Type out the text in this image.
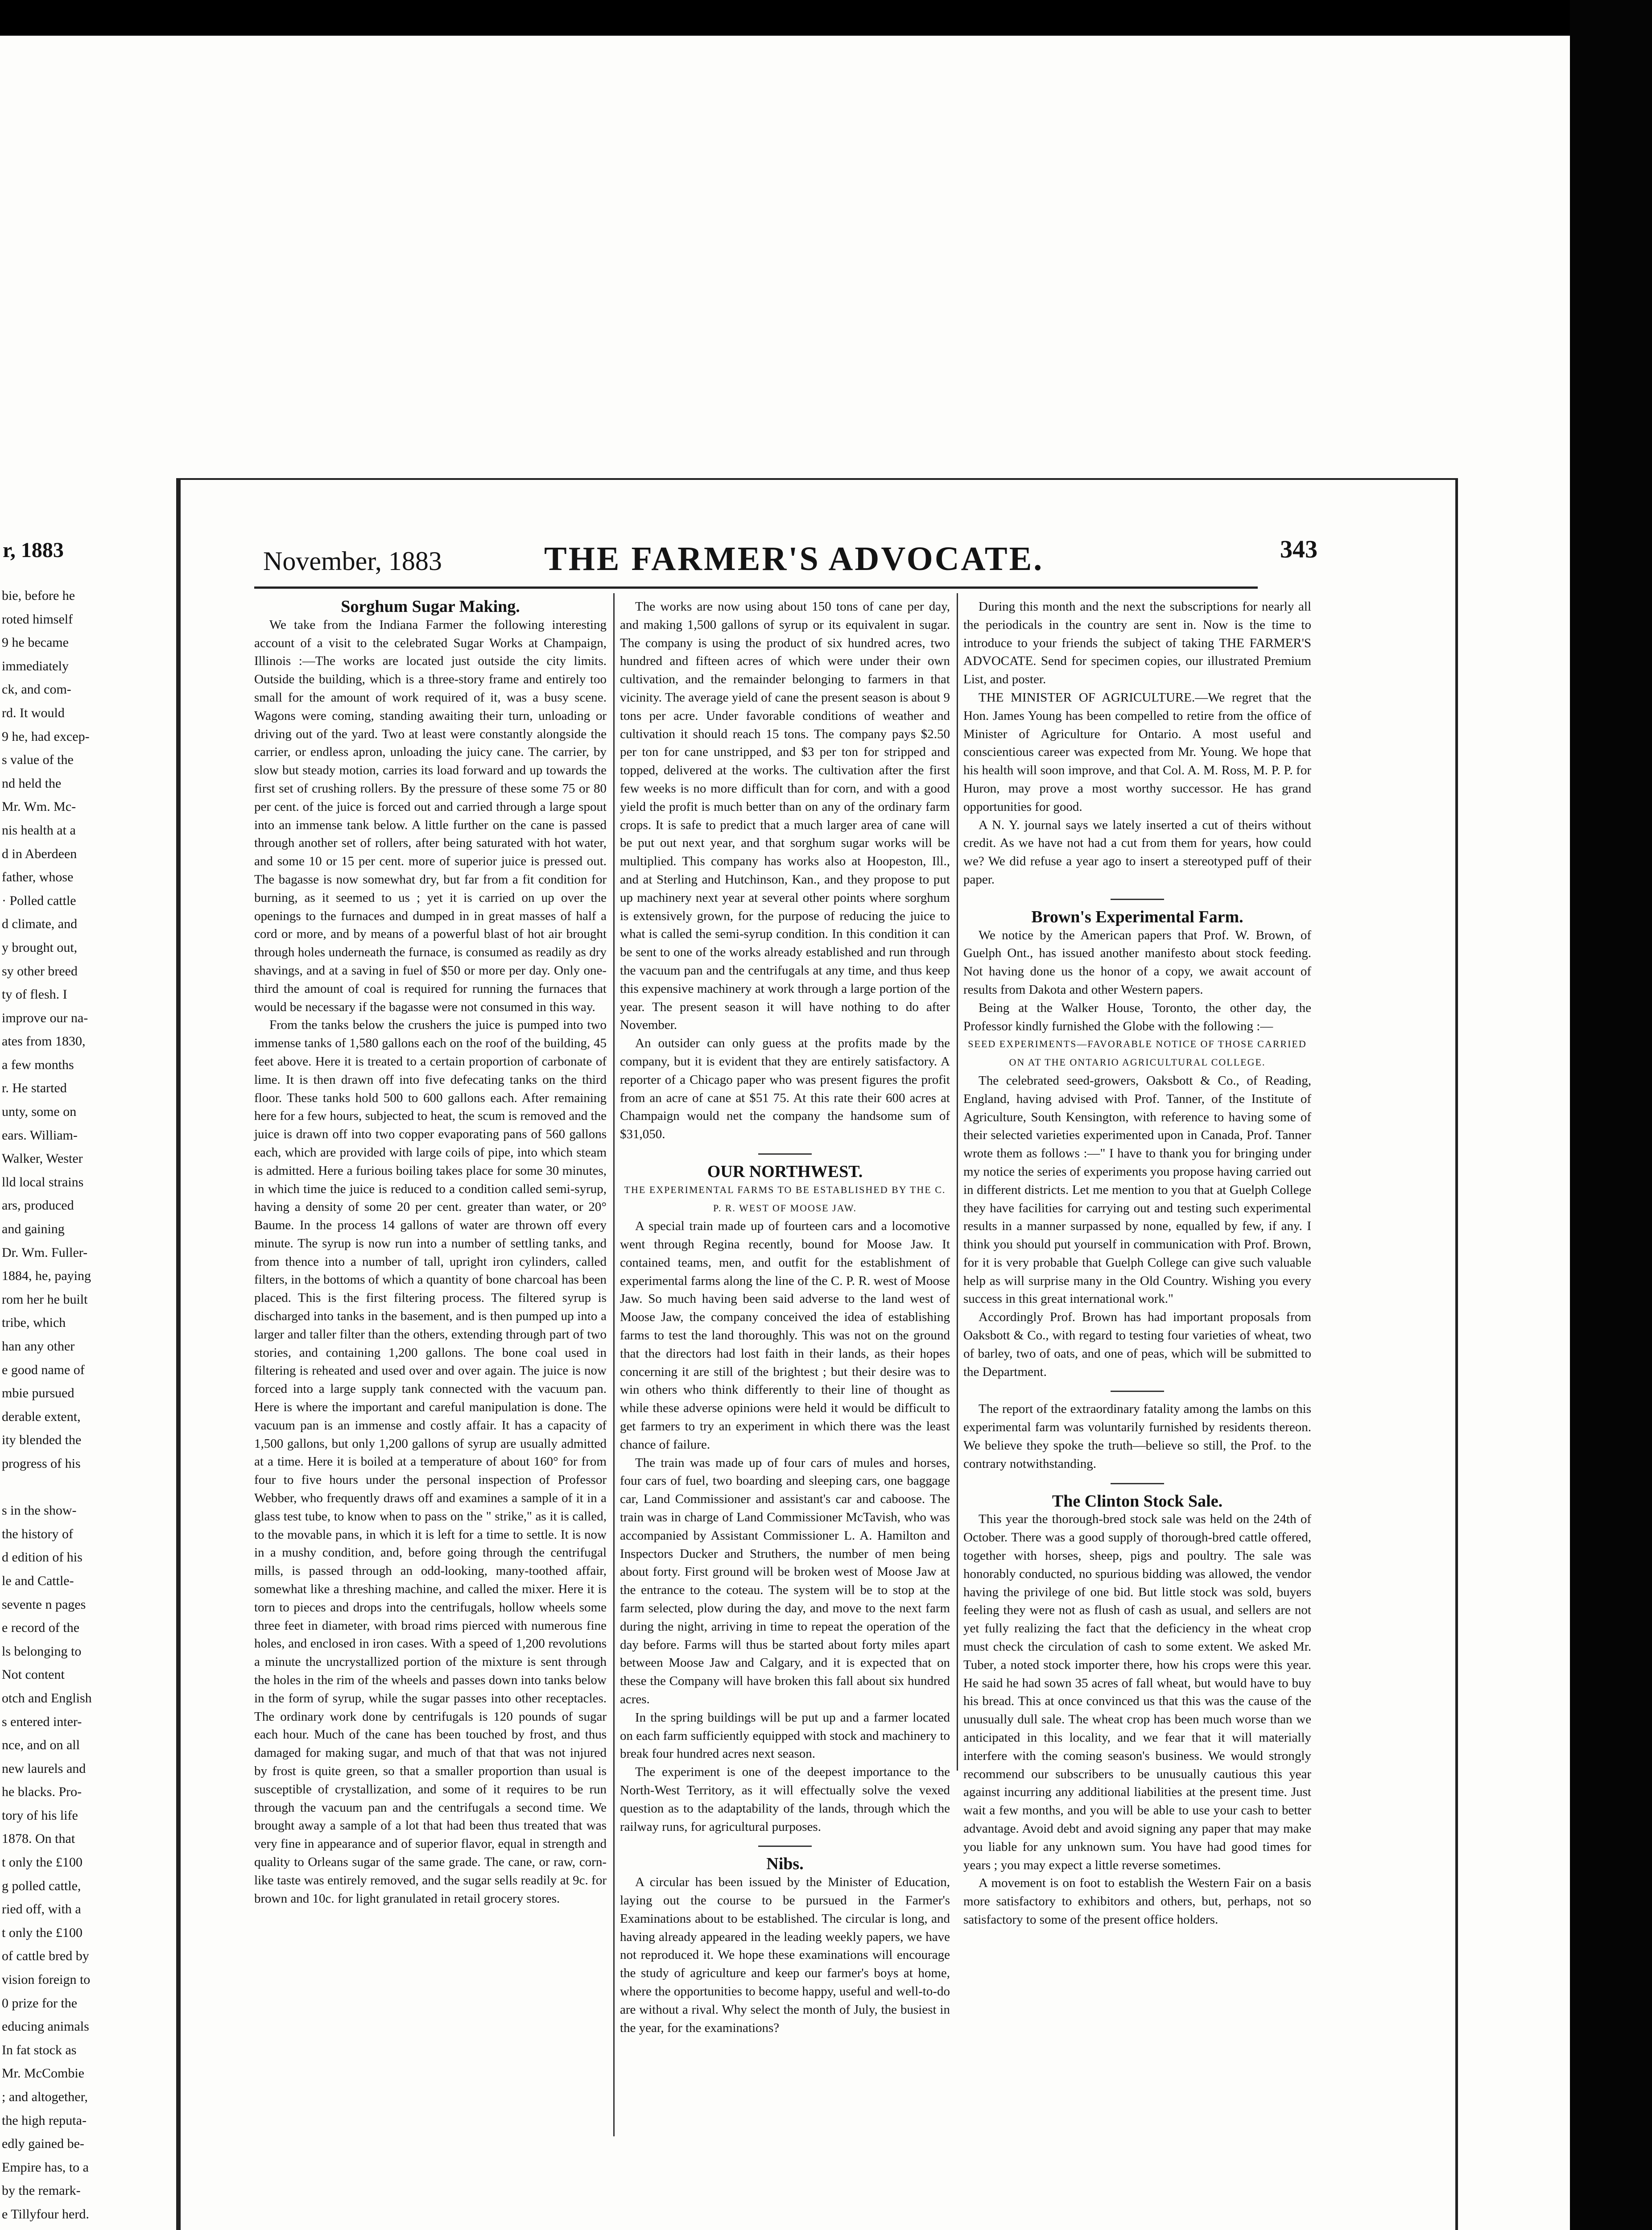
r, 1883
bie, before he
roted himself
9 he became
immediately
ck, and com-
rd. It would
9 he, had excep-
s value of the
nd held the
Mr. Wm. Mc-
nis health at a
d in Aberdeen
father, whose
· Polled cattle
d climate, and
y brought out,
sy other breed
ty of flesh. I
improve our na-
ates from 1830,
a few months
r. He started
unty, some on
ears. William-
Walker, Wester
lld local strains
ars, produced
and gaining
Dr. Wm. Fuller-
1884, he, paying
rom her he built
tribe, which
han any other
e good name of
mbie pursued
derable extent,
ity blended the
progress of his
s in the show-
the history of
d edition of his
le and Cattle-
sevente n pages
e record of the
ls belonging to
Not content
otch and English
s entered inter-
nce, and on all
new laurels and
he blacks. Pro-
tory of his life
1878. On that
t only the £100
g polled cattle,
ried off, with a
t only the £100
of cattle bred by
vision foreign to
0 prize for the
educing animals
In fat stock as
Mr. McCombie
; and altogether,
the high reputa-
edly gained be-
Empire has, to a
by the remark-
e Tillyfour herd.
November, 1883	THE FARMER'S ADVOCATE.	343

Sorghum Sugar Making.

We take from the Indiana Farmer the following interesting account of a visit to the celebrated Sugar Works at Champaign, Illinois :—The works are located just outside the city limits. Outside the building, which is a three-story frame and entirely too small for the amount of work required of it, was a busy scene. Wagons were coming, standing awaiting their turn, unloading or driving out of the yard. Two at least were constantly alongside the carrier, or endless apron, unloading the juicy cane. The carrier, by slow but steady motion, carries its load forward and up towards the first set of crushing rollers. By the pressure of these some 75 or 80 per cent. of the juice is forced out and carried through a large spout into an immense tank below. A little further on the cane is passed through another set of rollers, after being saturated with hot water, and some 10 or 15 per cent. more of superior juice is pressed out. The bagasse is now somewhat dry, but far from a fit condition for burning, as it seemed to us ; yet it is carried on up over the openings to the furnaces and dumped in in great masses of half a cord or more, and by means of a powerful blast of hot air brought through holes underneath the furnace, is consumed as readily as dry shavings, and at a saving in fuel of $50 or more per day. Only one-third the amount of coal is required for running the furnaces that would be necessary if the bagasse were not consumed in this way.

From the tanks below the crushers the juice is pumped into two immense tanks of 1,580 gallons each on the roof of the building, 45 feet above. Here it is treated to a certain proportion of carbonate of lime. It is then drawn off into five defecating tanks on the third floor. These tanks hold 500 to 600 gallons each. After remaining here for a few hours, subjected to heat, the scum is removed and the juice is drawn off into two copper evaporating pans of 560 gallons each, which are provided with large coils of pipe, into which steam is admitted. Here a furious boiling takes place for some 30 minutes, in which time the juice is reduced to a condition called semi-syrup, having a density of some 20 per cent. greater than water, or 20° Baume. In the process 14 gallons of water are thrown off every minute. The syrup is now run into a number of settling tanks, and from thence into a number of tall, upright iron cylinders, called filters, in the bottoms of which a quantity of bone charcoal has been placed. This is the first filtering process. The filtered syrup is discharged into tanks in the basement, and is then pumped up into a larger and taller filter than the others, extending through part of two stories, and containing 1,200 gallons. The bone coal used in filtering is reheated and used over and over again. The juice is now forced into a large supply tank connected with the vacuum pan. Here is where the important and careful manipulation is done. The vacuum pan is an immense and costly affair. It has a capacity of 1,500 gallons, but only 1,200 gallons of syrup are usually admitted at a time. Here it is boiled at a temperature of about 160° for from four to five hours under the personal inspection of Professor Webber, who frequently draws off and examines a sample of it in a glass test tube, to know when to pass on the " strike," as it is called, to the movable pans, in which it is left for a time to settle. It is now in a mushy condition, and, before going through the centrifugal mills, is passed through an odd-looking, many-toothed affair, somewhat like a threshing machine, and called the mixer. Here it is torn to pieces and drops into the centrifugals, hollow wheels some three feet in diameter, with broad rims pierced with numerous fine holes, and enclosed in iron cases. With a speed of 1,200 revolutions a minute the uncrystallized portion of the mixture is sent through the holes in the rim of the wheels and passes down into tanks below in the form of syrup, while the sugar passes into other receptacles. The ordinary work done by centrifugals is 120 pounds of sugar each hour. Much of the cane has been touched by frost, and thus damaged for making sugar, and much of that that was not injured by frost is quite green, so that a smaller proportion than usual is susceptible of crystallization, and some of it requires to be run through the vacuum pan and the centrifugals a second time. We brought away a sample of a lot that had been thus treated that was very fine in appearance and of superior flavor, equal in strength and quality to Orleans sugar of the same grade. The cane, or raw, corn-like taste was entirely removed, and the sugar sells readily at 9c. for brown and 10c. for light granulated in retail grocery stores.

The works are now using about 150 tons of cane per day, and making 1,500 gallons of syrup or its equivalent in sugar. The company is using the product of six hundred acres, two hundred and fifteen acres of which were under their own cultivation, and the remainder belonging to farmers in that vicinity. The average yield of cane the present season is about 9 tons per acre. Under favorable conditions of weather and cultivation it should reach 15 tons. The company pays $2.50 per ton for cane unstripped, and $3 per ton for stripped and topped, delivered at the works. The cultivation after the first few weeks is no more difficult than for corn, and with a good yield the profit is much better than on any of the ordinary farm crops. It is safe to predict that a much larger area of cane will be put out next year, and that sorghum sugar works will be multiplied. This company has works also at Hoopeston, Ill., and at Sterling and Hutchinson, Kan., and they propose to put up machinery next year at several other points where sorghum is extensively grown, for the purpose of reducing the juice to what is called the semi-syrup condition. In this condition it can be sent to one of the works already established and run through the vacuum pan and the centrifugals at any time, and thus keep this expensive machinery at work through a large portion of the year. The present season it will have nothing to do after November.

An outsider can only guess at the profits made by the company, but it is evident that they are entirely satisfactory. A reporter of a Chicago paper who was present figures the profit from an acre of cane at $51 75. At this rate their 600 acres at Champaign would net the company the handsome sum of $31,050.

OUR NORTHWEST.

THE EXPERIMENTAL FARMS TO BE ESTABLISHED BY THE C. P. R. WEST OF MOOSE JAW.

A special train made up of fourteen cars and a locomotive went through Regina recently, bound for Moose Jaw. It contained teams, men, and outfit for the establishment of experimental farms along the line of the C. P. R. west of Moose Jaw. So much having been said adverse to the land west of Moose Jaw, the company conceived the idea of establishing farms to test the land thoroughly. This was not on the ground that the directors had lost faith in their lands, as their hopes concerning it are still of the brightest ; but their desire was to win others who think differently to their line of thought as while these adverse opinions were held it would be difficult to get farmers to try an experiment in which there was the least chance of failure.

The train was made up of four cars of mules and horses, four cars of fuel, two boarding and sleeping cars, one baggage car, Land Commissioner and assistant's car and caboose. The train was in charge of Land Commissioner McTavish, who was accompanied by Assistant Commissioner L. A. Hamilton and Inspectors Ducker and Struthers, the number of men being about forty. First ground will be broken west of Moose Jaw at the entrance to the coteau. The system will be to stop at the farm selected, plow during the day, and move to the next farm during the night, arriving in time to repeat the operation of the day before. Farms will thus be started about forty miles apart between Moose Jaw and Calgary, and it is expected that on these the Company will have broken this fall about six hundred acres.

In the spring buildings will be put up and a farmer located on each farm sufficiently equipped with stock and machinery to break four hundred acres next season.

The experiment is one of the deepest importance to the North-West Territory, as it will effectually solve the vexed question as to the adaptability of the lands, through which the railway runs, for agricultural purposes.

Nibs.

A circular has been issued by the Minister of Education, laying out the course to be pursued in the Farmer's Examinations about to be established. The circular is long, and having already appeared in the leading weekly papers, we have not reproduced it. We hope these examinations will encourage the study of agriculture and keep our farmer's boys at home, where the opportunities to become happy, useful and well-to-do are without a rival. Why select the month of July, the busiest in the year, for the examinations?

During this month and the next the subscriptions for nearly all the periodicals in the country are sent in. Now is the time to introduce to your friends the subject of taking THE FARMER'S ADVOCATE. Send for specimen copies, our illustrated Premium List, and poster.

THE MINISTER OF AGRICULTURE.—We regret that the Hon. James Young has been compelled to retire from the office of Minister of Agriculture for Ontario. A most useful and conscientious career was expected from Mr. Young. We hope that his health will soon improve, and that Col. A. M. Ross, M. P. P. for Huron, may prove a most worthy successor. He has grand opportunities for good.

A N. Y. journal says we lately inserted a cut of theirs without credit. As we have not had a cut from them for years, how could we? We did refuse a year ago to insert a stereotyped puff of their paper.

Brown's Experimental Farm.

We notice by the American papers that Prof. W. Brown, of Guelph Ont., has issued another manifesto about stock feeding. Not having done us the honor of a copy, we await account of results from Dakota and other Western papers.

Being at the Walker House, Toronto, the other day, the Professor kindly furnished the Globe with the following :—

SEED EXPERIMENTS—FAVORABLE NOTICE OF THOSE CARRIED ON AT THE ONTARIO AGRICULTURAL COLLEGE.

The celebrated seed-growers, Oaksbott & Co., of Reading, England, having advised with Prof. Tanner, of the Institute of Agriculture, South Kensington, with reference to having some of their selected varieties experimented upon in Canada, Prof. Tanner wrote them as follows :—" I have to thank you for bringing under my notice the series of experiments you propose having carried out in different districts. Let me mention to you that at Guelph College they have facilities for carrying out and testing such experimental results in a manner surpassed by none, equalled by few, if any. I think you should put yourself in communication with Prof. Brown, for it is very probable that Guelph College can give such valuable help as will surprise many in the Old Country. Wishing you every success in this great international work."

Accordingly Prof. Brown has had important proposals from Oaksbott & Co., with regard to testing four varieties of wheat, two of barley, two of oats, and one of peas, which will be submitted to the Department.

The report of the extraordinary fatality among the lambs on this experimental farm was voluntarily furnished by residents thereon. We believe they spoke the truth—believe so still, the Prof. to the contrary notwithstanding.

The Clinton Stock Sale.

This year the thorough-bred stock sale was held on the 24th of October. There was a good supply of thorough-bred cattle offered, together with horses, sheep, pigs and poultry. The sale was honorably conducted, no spurious bidding was allowed, the vendor having the privilege of one bid. But little stock was sold, buyers feeling they were not as flush of cash as usual, and sellers are not yet fully realizing the fact that the deficiency in the wheat crop must check the circulation of cash to some extent. We asked Mr. Tuber, a noted stock importer there, how his crops were this year. He said he had sown 35 acres of fall wheat, but would have to buy his bread. This at once convinced us that this was the cause of the unusually dull sale. The wheat crop has been much worse than we anticipated in this locality, and we fear that it will materially interfere with the coming season's business. We would strongly recommend our subscribers to be unusually cautious this year against incurring any additional liabilities at the present time. Just wait a few months, and you will be able to use your cash to better advantage. Avoid debt and avoid signing any paper that may make you liable for any unknown sum. You have had good times for years ; you may expect a little reverse sometimes.

A movement is on foot to establish the Western Fair on a basis more satisfactory to exhibitors and others, but, perhaps, not so satisfactory to some of the present office holders.
